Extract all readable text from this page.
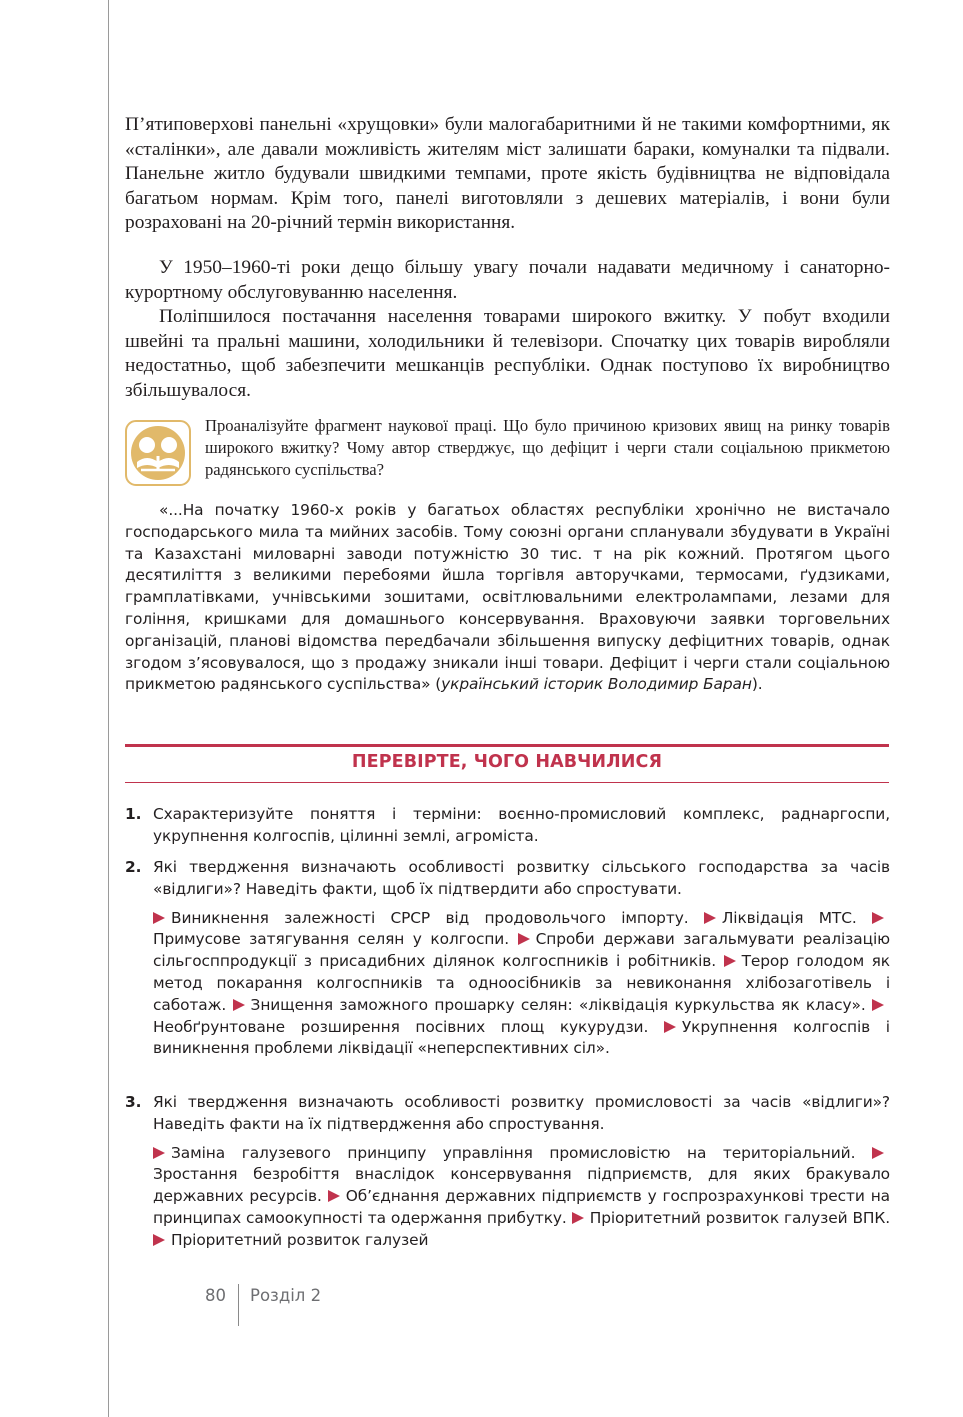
П’ятиповерхові панельні «хрущовки» були малогабаритними й не такими комфортними, як «сталінки», але давали можливість жителям міст залишати бараки, комуналки та підвали. Панельне житло будували швидкими темпами, проте якість будівництва не відповідала багатьом нормам. Крім того, панелі виготовляли з дешевих матеріалів, і вони були розраховані на 20-річний термін використання.

У 1950–1960-ті роки дещо більшу увагу почали надавати медичному і санаторно-курортному обслуговуванню населення.

Поліпшилося постачання населення товарами широкого вжитку. У побут входили швейні та пральні машини, холодильники й телевізори. Спочатку цих товарів виробляли недостатньо, щоб забезпечити мешканців республіки. Однак поступово їх виробництво збільшувалося.

Проаналізуйте фрагмент наукової праці. Що було причиною кризових явищ на ринку товарів широкого вжитку? Чому автор стверджує, що дефіцит і черги стали соціальною прикметою радянського суспільства?

«...На початку 1960-х років у багатьох областях республіки хронічно не вистачало господарського мила та мийних засобів. Тому союзні органи спланували збудувати в Україні та Казахстані миловарні заводи потужністю 30 тис. т на рік кожний. Протягом цього десятиліття з великими перебоями йшла торгівля авторучками, термосами, ґудзиками, грамплатівками, учнівськими зошитами, освітлювальними електролампами, лезами для гоління, кришками для домашнього консервування. Враховуючи заявки торговельних організацій, планові відомства передбачали збільшення випуску дефіцитних товарів, однак згодом з’ясовувалося, що з продажу зникали інші товари. Дефіцит і черги стали соціальною прикметою радянського суспільства» (український історик Володимир Баран).

ПЕРЕВІРТЕ, ЧОГО НАВЧИЛИСЯ
1. Схарактеризуйте поняття і терміни: воєнно-промисловий комплекс, раднаргоспи, укрупнення колгоспів, цілинні землі, агроміста.

2. Які твердження визначають особливості розвитку сільського господарства за часів «відлиги»? Наведіть факти, щоб їх підтвердити або спростувати.

Виникнення залежності СРСР від продовольчого імпорту. Ліквідація МТС. Примусове затягування селян у колгоспи. Спроби держави загальмувати реалізацію сільгосппродукції з присадибних ділянок колгоспників і робітників. Терор голодом як метод покарання колгоспників та одноосібників за невиконання хлібозаготівель і саботаж. Знищення заможного прошарку селян: «ліквідація куркульства як класу». Необґрунтоване розширення посівних площ кукурудзи. Укрупнення колгоспів і виникнення проблеми ліквідації «неперспективних сіл».

3. Які твердження визначають особливості розвитку промисловості за часів «відлиги»? Наведіть факти на їх підтвердження або спростування.

Заміна галузевого принципу управління промисловістю на територіальний. Зростання безробіття внаслідок консервування підприємств, для яких бракувало державних ресурсів. Об’єднання державних підприємств у госпрозрахункові трести на принципах самоокупності та одержання прибутку. Пріоритетний розвиток галузей ВПК. Пріоритетний розвиток галузей

80 Розділ 2
